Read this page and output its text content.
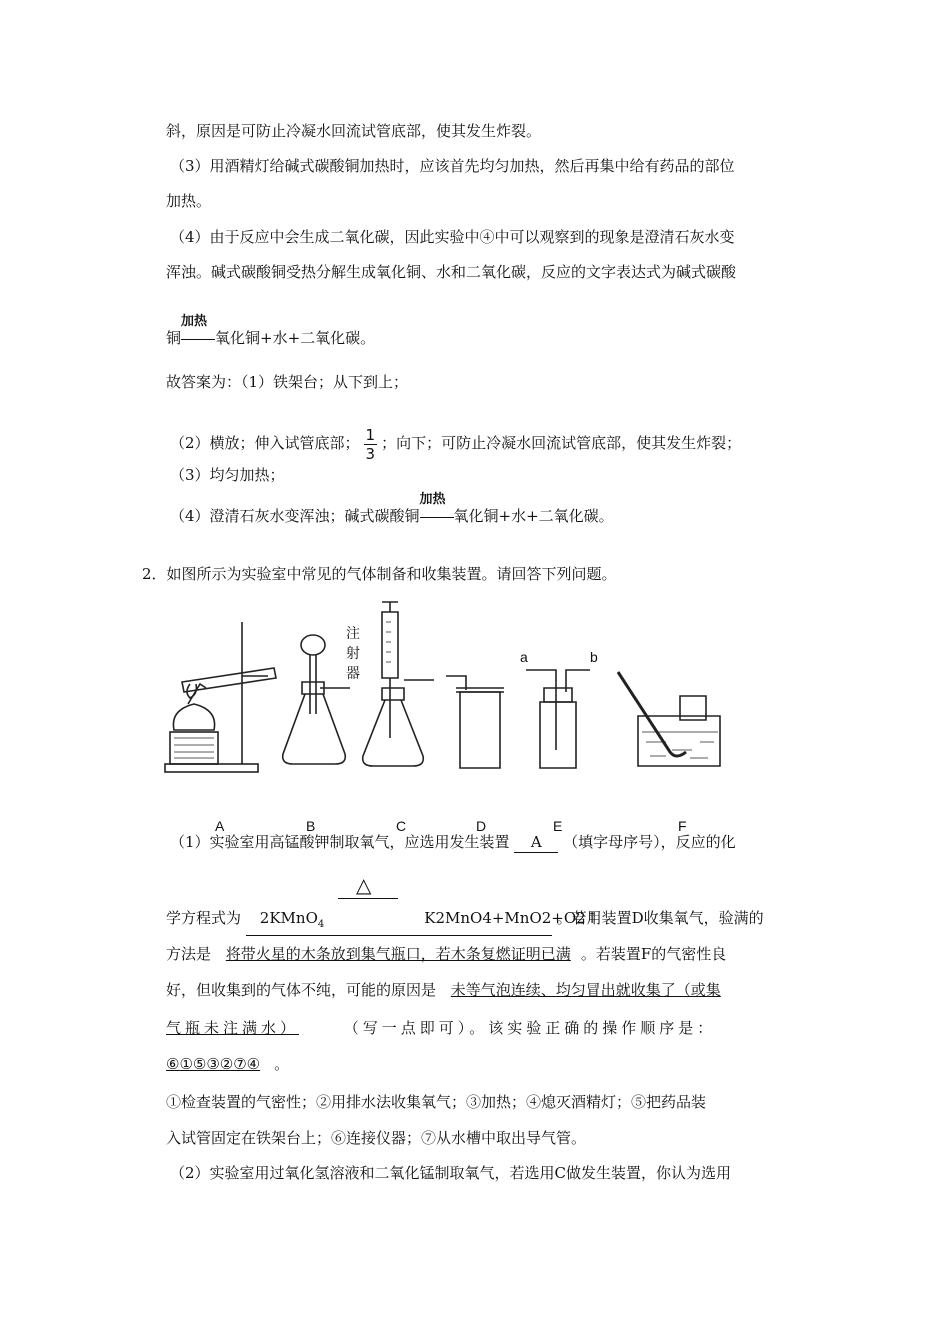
斜，原因是可防止冷凝水回流试管底部，使其发生炸裂。
（3）用酒精灯给碱式碳酸铜加热时，应该首先均匀加热，然后再集中给有药品的部位
加热。
（4）由于反应中会生成二氧化碳，因此实验中④中可以观察到的现象是澄清石灰水变
浑浊。碱式碳酸铜受热分解生成氧化铜、水和二氧化碳，反应的文字表达式为碱式碳酸
铜
加热
氧化铜+水+二氧化碳。
故答案为：（1）铁架台；从下到上；
（2）横放；伸入试管底部； $\frac{1}{3}$ ；向下；可防止冷凝水回流试管底部，使其发生炸裂；
（3）均匀加热；
（4）澄清石灰水变浑浊；碱式碳酸铜
加热
氧化铜+水+二氧化碳。
2．如图所示为实验室中常见的气体制备和收集装置。请回答下列问题。
注
射
器
a	b
A	B	C	D	E	F
（1）实验室用高锰酸钾制取氧气，应选用发生装置 A （填字母序号），反应的化
△
学方程式为 2KMnO$_4$	K2MnO4+MnO2+O2↑ 。若用装置D收集氧气，验满的
方法是 将带火星的木条放到集气瓶口，若木条复燃证明已满 。若装置F的气密性良
好，但收集到的气体不纯，可能的原因是 未等气泡连续、均匀冒出就收集了（或集
气瓶未注满水）	（写一点即可）。该实验正确的操作顺序是：
⑥①⑤③②⑦④ 。
①检查装置的气密性；②用排水法收集氧气；③加热；④熄灭酒精灯；⑤把药品装
入试管固定在铁架台上；⑥连接仪器；⑦从水槽中取出导气管。
（2）实验室用过氧化氢溶液和二氧化锰制取氧气，若选用C做发生装置，你认为选用
